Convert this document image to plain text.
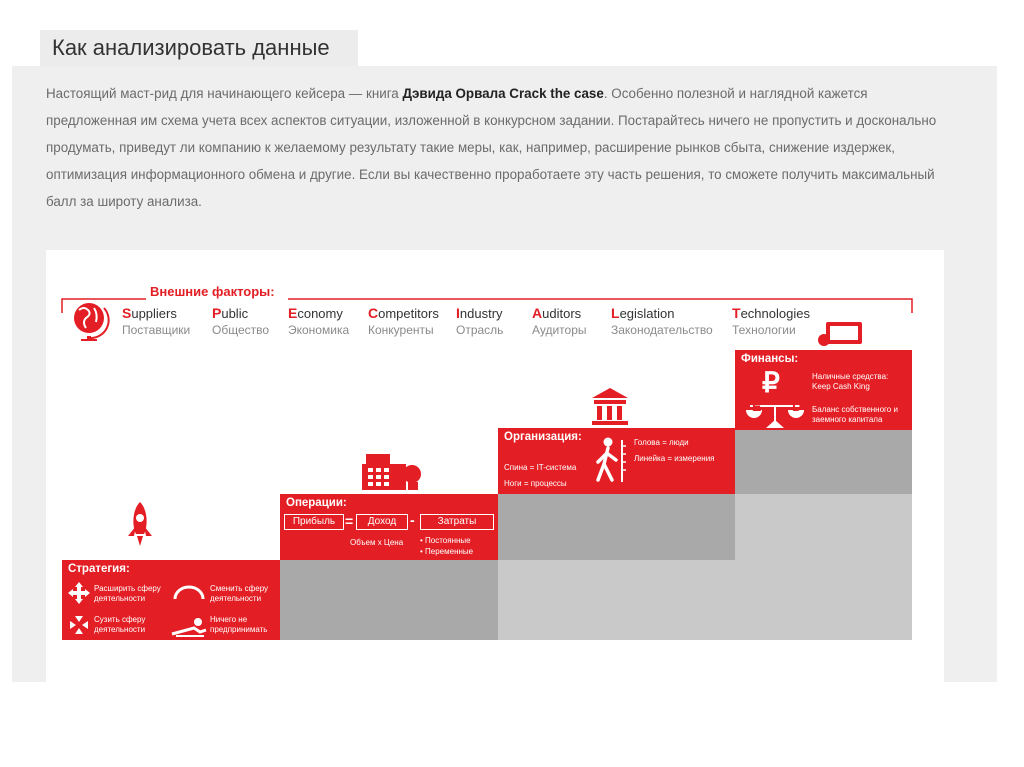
Как анализировать данные
Настоящий маст-рид для начинающего кейсера — книга Дэвида Орвала Crack the case. Особенно полезной и наглядной кажется предложенная им схема учета всех аспектов ситуации, изложенной в конкурсном задании. Постарайтесь ничего не пропустить и досконально продумать, приведут ли компанию к желаемому результату такие меры, как, например, расширение рынков сбыта, снижение издержек, оптимизация информационного обмена и другие. Если вы качественно проработаете эту часть решения, то сможете получить максимальный балл за широту анализа.
Внешние факторы:
Suppliers
Поставщики
Public
Общество
Economy
Экономика
Competitors
Конкуренты
Industry
Отрасль
Auditors
Аудиторы
Legislation
Законодательство
Technologies
Технологии
Стратегия:
Расширить сферу деятельности
Сменить сферу деятельности
Сузить сферу деятельности
Ничего не предпринимать
Операции:
Прибыль =	Доход -	Затраты
Объем х Цена • Постоянные
• Переменные
Организация:
Спина = IT-система
Ноги = процессы
Голова = люди
Линейка = измерения
Финансы:
₽
E D
Наличные средства: Keep Cash King
Баланс собственного и заемного капитала
